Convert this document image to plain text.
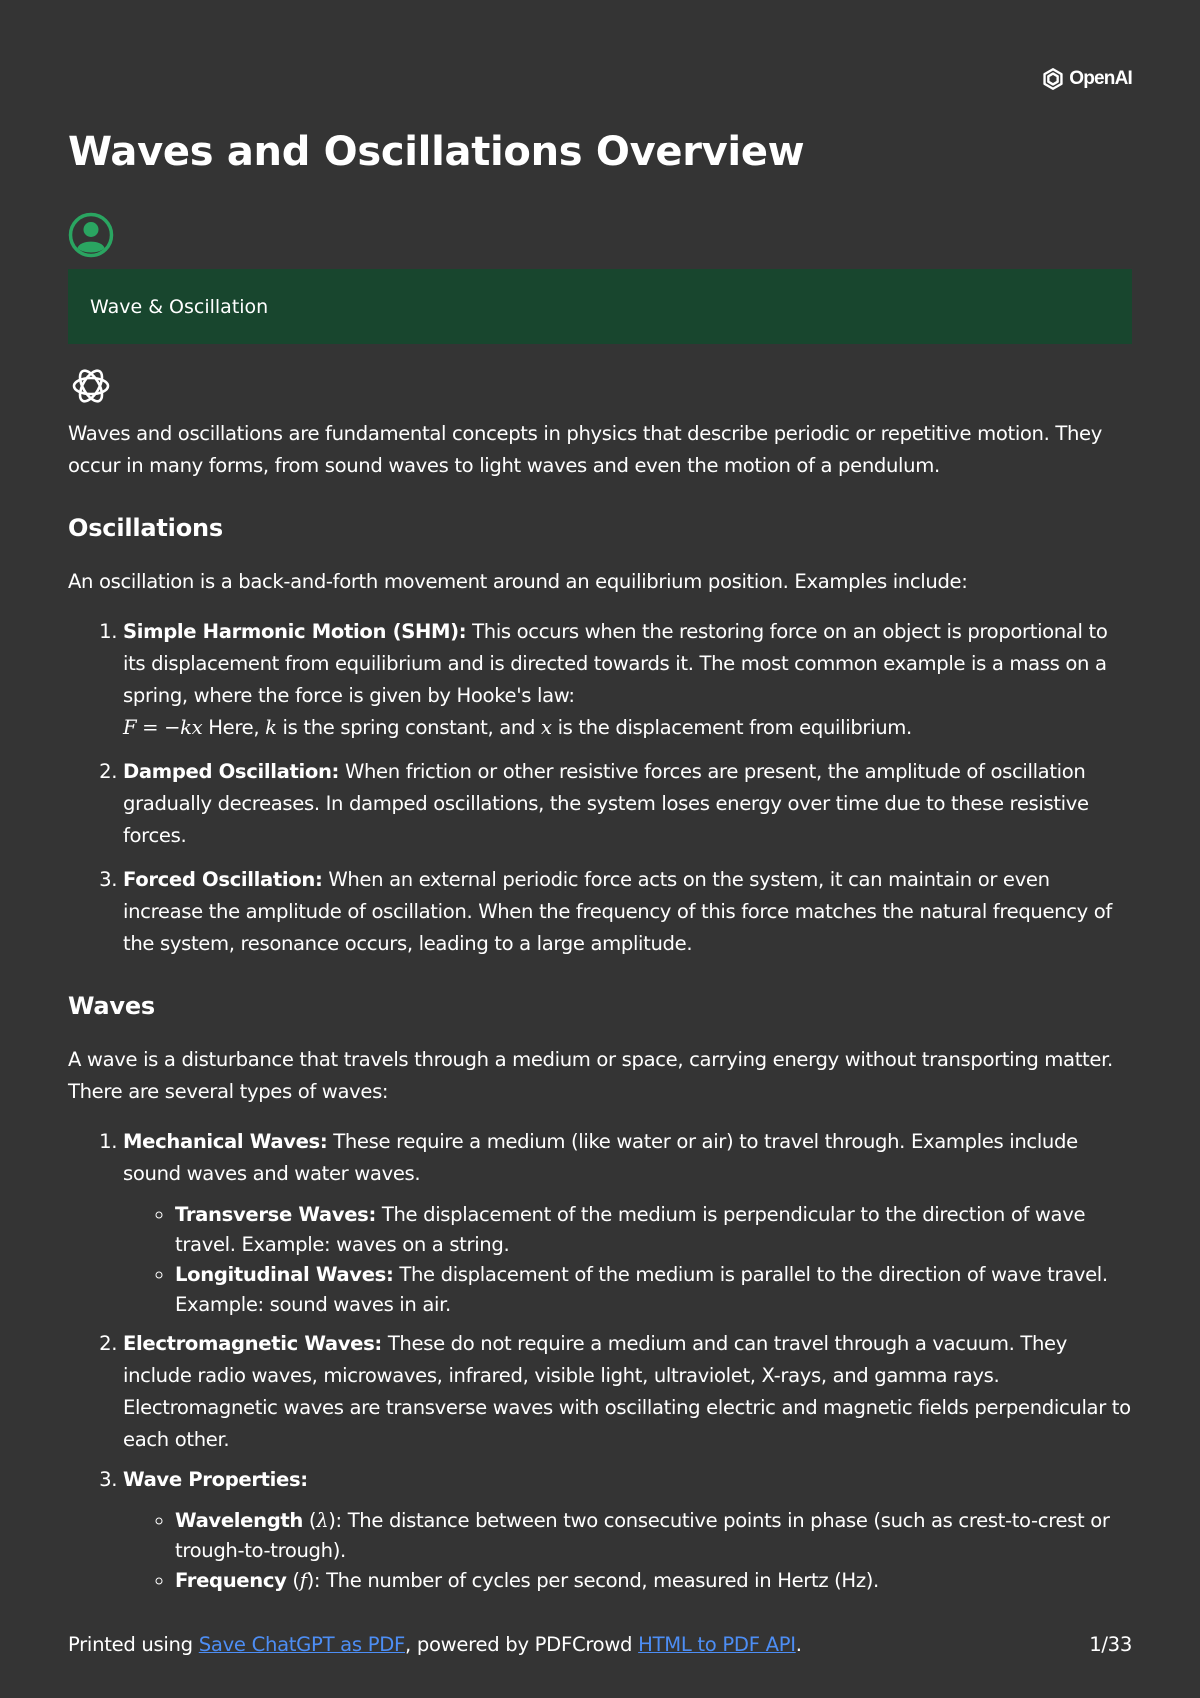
OpenAI
Waves and Oscillations Overview
Wave & Oscillation

Waves and oscillations are fundamental concepts in physics that describe periodic or repetitive motion. They occur in many forms, from sound waves to light waves and even the motion of a pendulum.

Oscillations

An oscillation is a back-and-forth movement around an equilibrium position. Examples include:

1. Simple Harmonic Motion (SHM): This occurs when the restoring force on an object is proportional to its displacement from equilibrium and is directed towards it. The most common example is a mass on a spring, where the force is given by Hooke's law:
F = −kx Here, k is the spring constant, and x is the displacement from equilibrium.
2. Damped Oscillation: When friction or other resistive forces are present, the amplitude of oscillation gradually decreases. In damped oscillations, the system loses energy over time due to these resistive forces.
3. Forced Oscillation: When an external periodic force acts on the system, it can maintain or even increase the amplitude of oscillation. When the frequency of this force matches the natural frequency of the system, resonance occurs, leading to a large amplitude.
Waves

A wave is a disturbance that travels through a medium or space, carrying energy without transporting matter. There are several types of waves:

1. Mechanical Waves: These require a medium (like water or air) to travel through. Examples include sound waves and water waves.
◦ Transverse Waves: The displacement of the medium is perpendicular to the direction of wave travel. Example: waves on a string.
◦ Longitudinal Waves: The displacement of the medium is parallel to the direction of wave travel. Example: sound waves in air.
2. Electromagnetic Waves: These do not require a medium and can travel through a vacuum. They include radio waves, microwaves, infrared, visible light, ultraviolet, X-rays, and gamma rays. Electromagnetic waves are transverse waves with oscillating electric and magnetic fields perpendicular to each other.
3. Wave Properties:
◦ Wavelength (λ): The distance between two consecutive points in phase (such as crest-to-crest or trough-to-trough).
◦ Frequency (f): The number of cycles per second, measured in Hertz (Hz).
Printed using Save ChatGPT as PDF, powered by PDFCrowd HTML to PDF API.	1/33
